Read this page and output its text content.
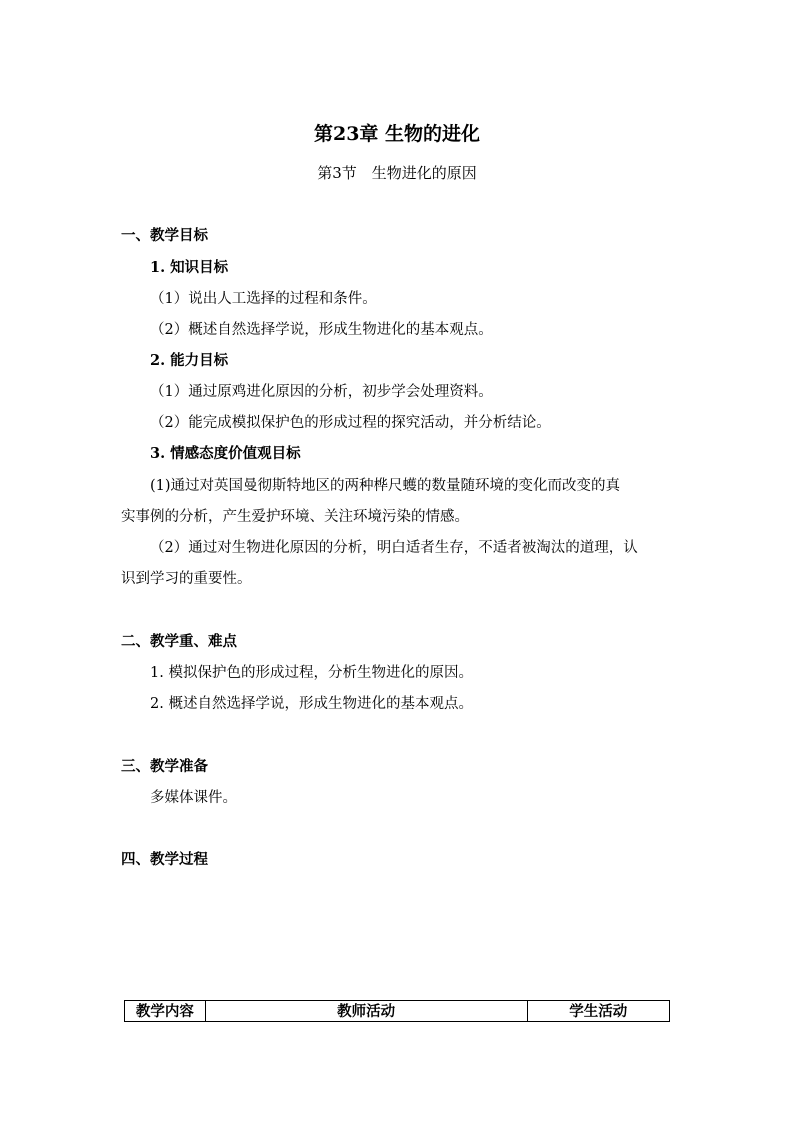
第23章 生物的进化
第3节　生物进化的原因
一、教学目标
1. 知识目标
（1）说出人工选择的过程和条件。
（2）概述自然选择学说，形成生物进化的基本观点。
2. 能力目标
（1）通过原鸡进化原因的分析，初步学会处理资料。
（2）能完成模拟保护色的形成过程的探究活动，并分析结论。
3. 情感态度价值观目标
(1)通过对英国曼彻斯特地区的两种桦尺蠖的数量随环境的变化而改变的真
实事例的分析，产生爱护环境、关注环境污染的情感。
（2）通过对生物进化原因的分析，明白适者生存，不适者被淘汰的道理，认
识到学习的重要性。
二、教学重、难点
1. 模拟保护色的形成过程，分析生物进化的原因。
2. 概述自然选择学说，形成生物进化的基本观点。
三、教学准备
多媒体课件。
四、教学过程
教学内容	教师活动	学生活动
